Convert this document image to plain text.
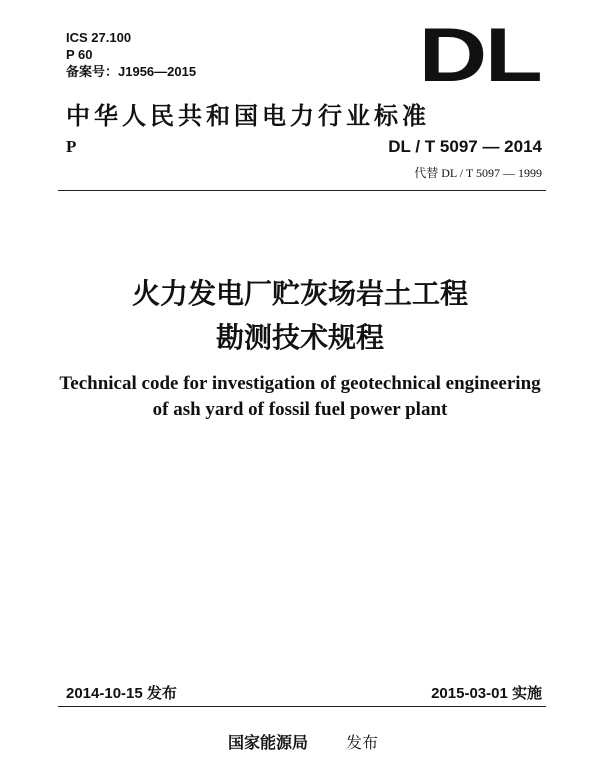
ICS 27.100
P 60
备案号：J1956—2015	DL
中华人民共和国电力行业标准
P	DL / T 5097 — 2014
代替 DL / T 5097 — 1999
火力发电厂贮灰场岩土工程
勘测技术规程
Technical code for investigation of geotechnical engineering
of ash yard of fossil fuel power plant
2014-10-15 发布	2015-03-01 实施
国家能源局 发布
